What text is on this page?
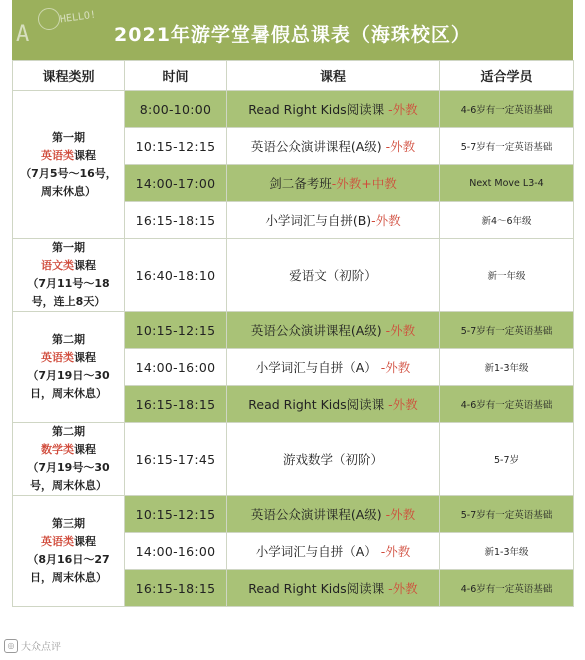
A
HELLO!
2021年游学堂暑假总课表（海珠校区）
课程类别	时间	课程	适合学员

第一期
英语类课程
（7月5号～16号，周末休息）	8:00-10:00	Read Right Kids阅读课 -外教	4-6岁有一定英语基础
	10:15-12:15	英语公众演讲课程(A级) -外教	5-7岁有一定英语基础
	14:00-17:00	剑二备考班-外教+中教	Next Move L3-4
	16:15-18:15	小学词汇与自拼(B)-外教	新4～6年级

第一期
语文类课程
（7月11号～18号，连上8天）	16:40-18:10	爱语文（初阶）	新一年级

第二期
英语类课程
（7月19日～30日，周末休息）	10:15-12:15	英语公众演讲课程(A级) -外教	5-7岁有一定英语基础
	14:00-16:00	小学词汇与自拼（A） -外教	新1-3年级
	16:15-18:15	Read Right Kids阅读课 -外教	4-6岁有一定英语基础

第二期
数学类课程
（7月19号～30号，周末休息）	16:15-17:45	游戏数学（初阶）	5-7岁

第三期
英语类课程
（8月16日～27日，周末休息）	10:15-12:15	英语公众演讲课程(A级) -外教	5-7岁有一定英语基础
	14:00-16:00	小学词汇与自拼（A） -外教	新1-3年级
	16:15-18:15	Read Right Kids阅读课 -外教	4-6岁有一定英语基础
◎ 大众点评
